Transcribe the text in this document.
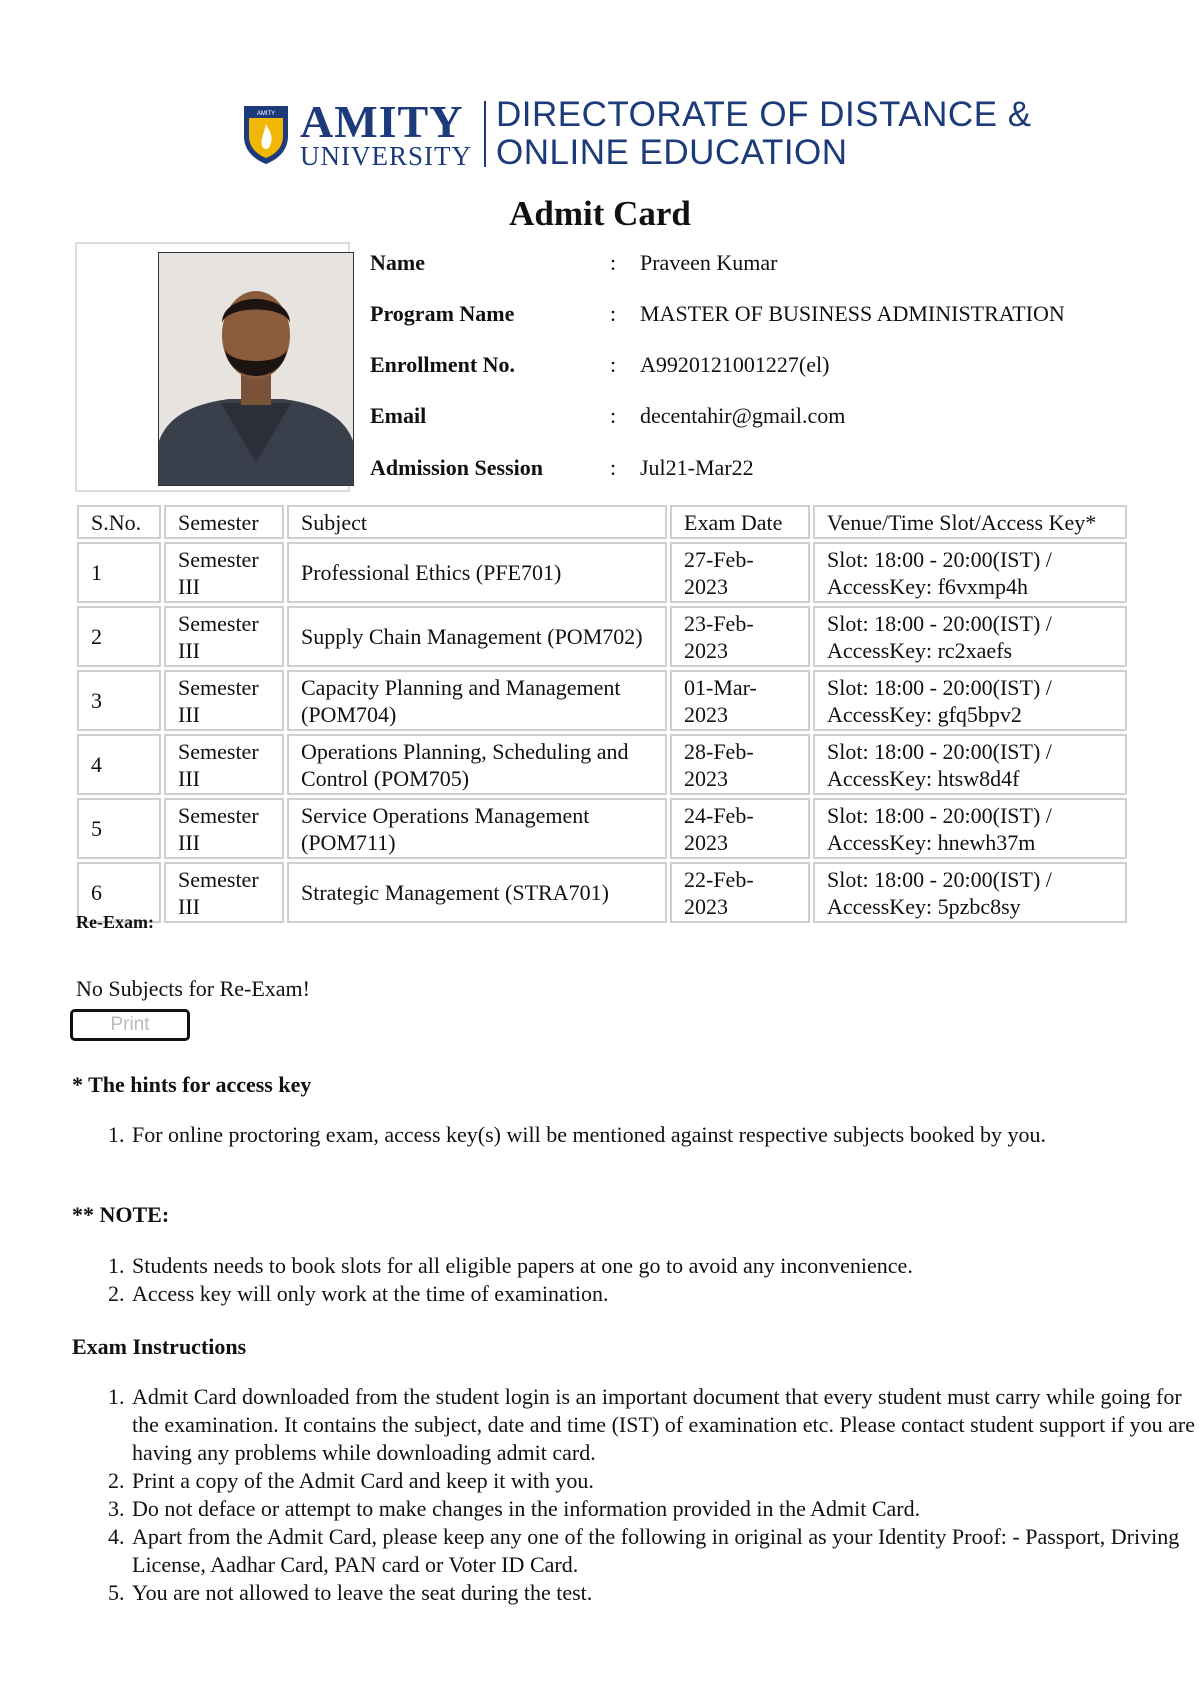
AMITY AMITY
UNIVERSITY
DIRECTORATE OF DISTANCE &
ONLINE EDUCATION
Admit Card
Name	:	Praveen Kumar
Program Name	:	MASTER OF BUSINESS ADMINISTRATION
Enrollment No.	:	A9920121001227(el)
Email	:	decentahir@gmail.com
Admission Session	:	Jul21-Mar22
S.No.	Semester	Subject	Exam Date	Venue/Time Slot/Access Key*
1	Semester III	Professional Ethics (PFE701)	27-Feb-2023	Slot: 18:00 - 20:00(IST) / AccessKey: f6vxmp4h
2	Semester III	Supply Chain Management (POM702)	23-Feb-2023	Slot: 18:00 - 20:00(IST) / AccessKey: rc2xaefs
3	Semester III	Capacity Planning and Management (POM704)	01-Mar-2023	Slot: 18:00 - 20:00(IST) / AccessKey: gfq5bpv2
4	Semester III	Operations Planning, Scheduling and Control (POM705)	28-Feb-2023	Slot: 18:00 - 20:00(IST) / AccessKey: htsw8d4f
5	Semester III	Service Operations Management (POM711)	24-Feb-2023	Slot: 18:00 - 20:00(IST) / AccessKey: hnewh37m
6	Semester III	Strategic Management (STRA701)	22-Feb-2023	Slot: 18:00 - 20:00(IST) / AccessKey: 5pzbc8sy
Re-Exam:
No Subjects for Re-Exam!
Print
* The hints for access key
1. For online proctoring exam, access key(s) will be mentioned against respective subjects booked by you.
** NOTE:
1. Students needs to book slots for all eligible papers at one go to avoid any inconvenience.
2. Access key will only work at the time of examination.
Exam Instructions
1. Admit Card downloaded from the student login is an important document that every student must carry while going for the examination. It contains the subject, date and time (IST) of examination etc. Please contact student support if you are having any problems while downloading admit card.
2. Print a copy of the Admit Card and keep it with you.
3. Do not deface or attempt to make changes in the information provided in the Admit Card.
4. Apart from the Admit Card, please keep any one of the following in original as your Identity Proof: - Passport, Driving License, Aadhar Card, PAN card or Voter ID Card.
5. You are not allowed to leave the seat during the test.
